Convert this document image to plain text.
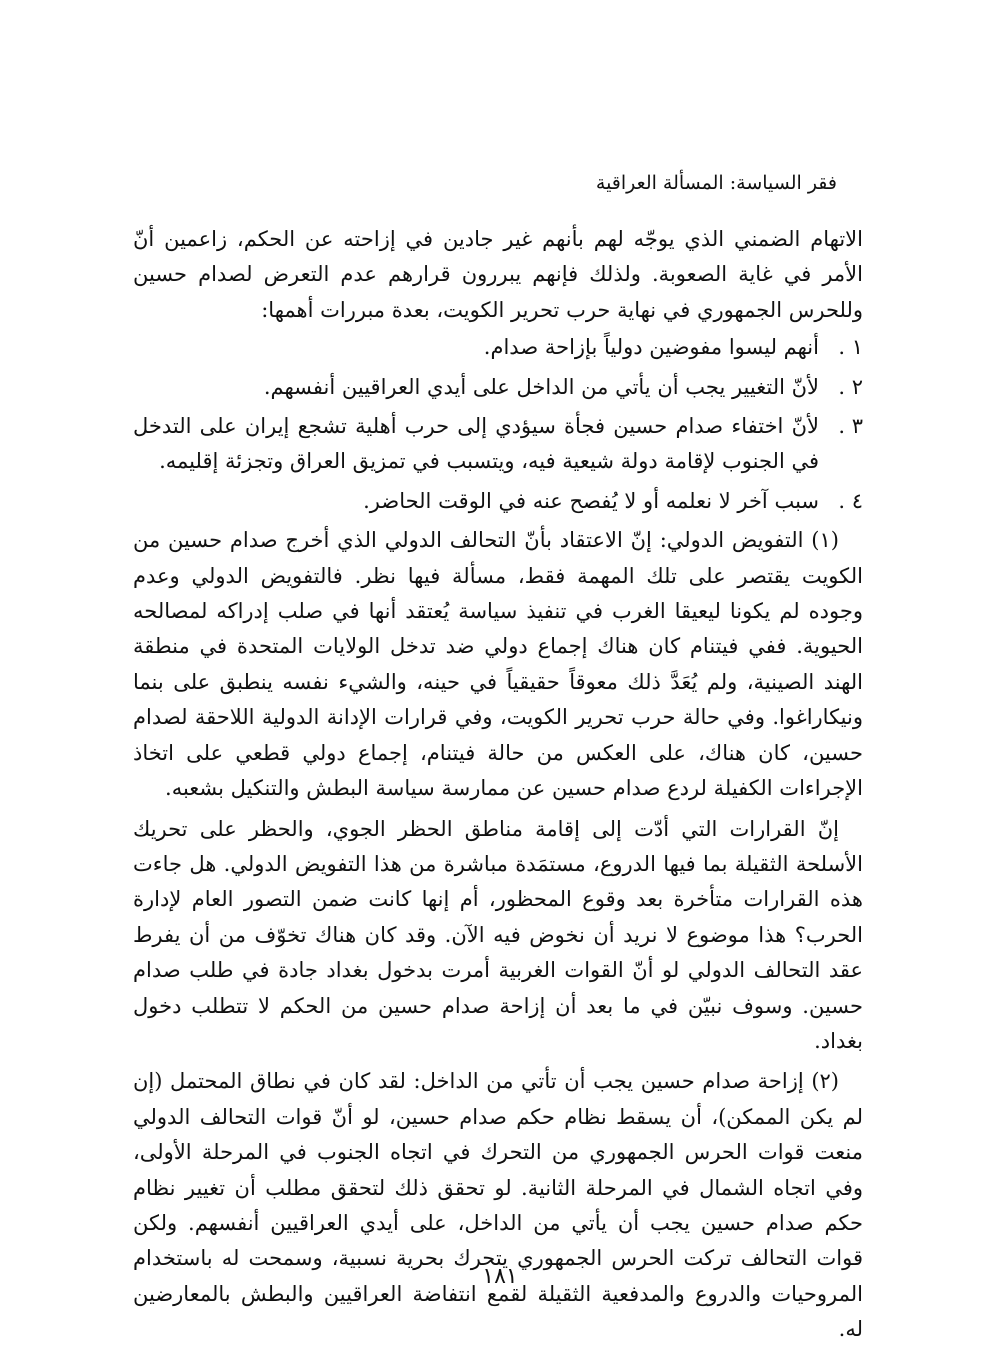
فقر السياسة: المسألة العراقية

الاتهام الضمني الذي يوجّه لهم بأنهم غير جادين في إزاحته عن الحكم، زاعمين أنّ الأمر في غاية الصعوبة. ولذلك فإنهم يبررون قرارهم عدم التعرض لصدام حسين وللحرس الجمهوري في نهاية حرب تحرير الكويت، بعدة مبررات أهمها:

١ .
أنهم ليسوا مفوضين دولياً بإزاحة صدام.
٢ .
لأنّ التغيير يجب أن يأتي من الداخل على أيدي العراقيين أنفسهم.
٣ .
لأنّ اختفاء صدام حسين فجأة سيؤدي إلى حرب أهلية تشجع إيران على التدخل في الجنوب لإقامة دولة شيعية فيه، ويتسبب في تمزيق العراق وتجزئة إقليمه.
٤ .
سبب آخر لا نعلمه أو لا يُفصح عنه في الوقت الحاضر.

(١) التفويض الدولي: إنّ الاعتقاد بأنّ التحالف الدولي الذي أخرج صدام حسين من الكويت يقتصر على تلك المهمة فقط، مسألة فيها نظر. فالتفويض الدولي وعدم وجوده لم يكونا ليعيقا الغرب في تنفيذ سياسة يُعتقد أنها في صلب إدراكه لمصالحه الحيوية. ففي فيتنام كان هناك إجماع دولي ضد تدخل الولايات المتحدة في منطقة الهند الصينية، ولم يُعَدَّ ذلك معوقاً حقيقياً في حينه، والشيء نفسه ينطبق على بنما ونيكاراغوا. وفي حالة حرب تحرير الكويت، وفي قرارات الإدانة الدولية اللاحقة لصدام حسين، كان هناك، على العكس من حالة فيتنام، إجماع دولي قطعي على اتخاذ الإجراءات الكفيلة لردع صدام حسين عن ممارسة سياسة البطش والتنكيل بشعبه.

إنّ القرارات التي أدّت إلى إقامة مناطق الحظر الجوي، والحظر على تحريك الأسلحة الثقيلة بما فيها الدروع، مستمَدة مباشرة من هذا التفويض الدولي. هل جاءت هذه القرارات متأخرة بعد وقوع المحظور، أم إنها كانت ضمن التصور العام لإدارة الحرب؟ هذا موضوع لا نريد أن نخوض فيه الآن. وقد كان هناك تخوّف من أن يفرط عقد التحالف الدولي لو أنّ القوات الغربية أمرت بدخول بغداد جادة في طلب صدام حسين. وسوف نبيّن في ما بعد أن إزاحة صدام حسين من الحكم لا تتطلب دخول بغداد.

(٢) إزاحة صدام حسين يجب أن تأتي من الداخل: لقد كان في نطاق المحتمل (إن لم يكن الممكن)، أن يسقط نظام حكم صدام حسين، لو أنّ قوات التحالف الدولي منعت قوات الحرس الجمهوري من التحرك في اتجاه الجنوب في المرحلة الأولى، وفي اتجاه الشمال في المرحلة الثانية. لو تحقق ذلك لتحقق مطلب أن تغيير نظام حكم صدام حسين يجب أن يأتي من الداخل، على أيدي العراقيين أنفسهم. ولكن قوات التحالف تركت الحرس الجمهوري يتحرك بحرية نسبية، وسمحت له باستخدام المروحيات والدروع والمدفعية الثقيلة لقمع انتفاضة العراقيين والبطش بالمعارضين له.

١٨١
